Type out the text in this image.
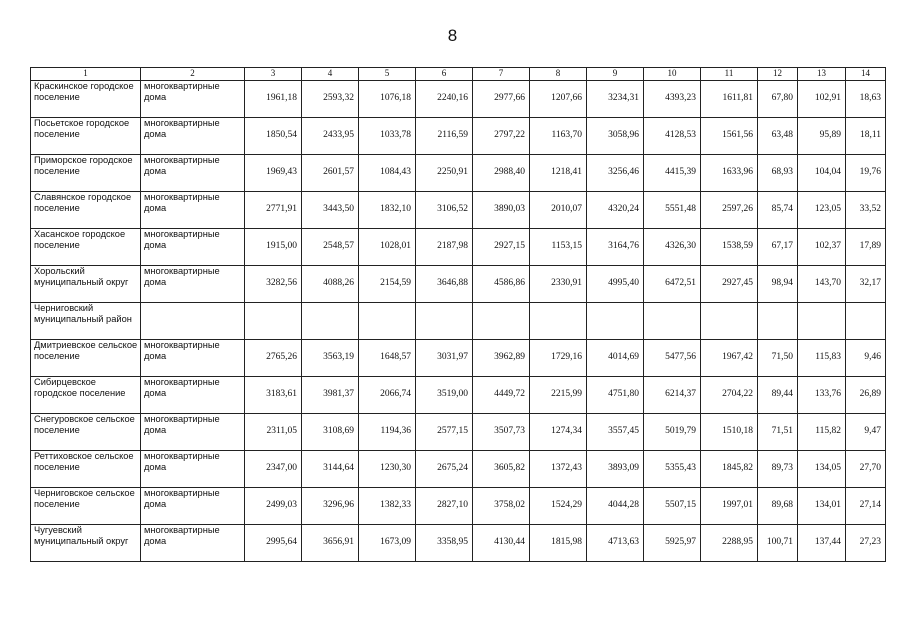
8
1	2	3	4	5	6	7	8	9	10	11	12	13	14
Краскинское городское поселение	многоквартирные дома	1961,18	2593,32	1076,18	2240,16	2977,66	1207,66	3234,31	4393,23	1611,81	67,80	102,91	18,63
Посьетское городское поселение	многоквартирные дома	1850,54	2433,95	1033,78	2116,59	2797,22	1163,70	3058,96	4128,53	1561,56	63,48	95,89	18,11
Приморское городское поселение	многоквартирные дома	1969,43	2601,57	1084,43	2250,91	2988,40	1218,41	3256,46	4415,39	1633,96	68,93	104,04	19,76
Славянское городское поселение	многоквартирные дома	2771,91	3443,50	1832,10	3106,52	3890,03	2010,07	4320,24	5551,48	2597,26	85,74	123,05	33,52
Хасанское городское поселение	многоквартирные дома	1915,00	2548,57	1028,01	2187,98	2927,15	1153,15	3164,76	4326,30	1538,59	67,17	102,37	17,89
Хорольский муниципальный округ	многоквартирные дома	3282,56	4088,26	2154,59	3646,88	4586,86	2330,91	4995,40	6472,51	2927,45	98,94	143,70	32,17
Черниговский муниципальный район													
Дмитриевское сельское поселение	многоквартирные дома	2765,26	3563,19	1648,57	3031,97	3962,89	1729,16	4014,69	5477,56	1967,42	71,50	115,83	9,46
Сибирцевское городское поселение	многоквартирные дома	3183,61	3981,37	2066,74	3519,00	4449,72	2215,99	4751,80	6214,37	2704,22	89,44	133,76	26,89
Снегуровское сельское поселение	многоквартирные дома	2311,05	3108,69	1194,36	2577,15	3507,73	1274,34	3557,45	5019,79	1510,18	71,51	115,82	9,47
Реттиховское сельское поселение	многоквартирные дома	2347,00	3144,64	1230,30	2675,24	3605,82	1372,43	3893,09	5355,43	1845,82	89,73	134,05	27,70
Черниговское сельское поселение	многоквартирные дома	2499,03	3296,96	1382,33	2827,10	3758,02	1524,29	4044,28	5507,15	1997,01	89,68	134,01	27,14
Чугуевский муниципальный округ	многоквартирные дома	2995,64	3656,91	1673,09	3358,95	4130,44	1815,98	4713,63	5925,97	2288,95	100,71	137,44	27,23
